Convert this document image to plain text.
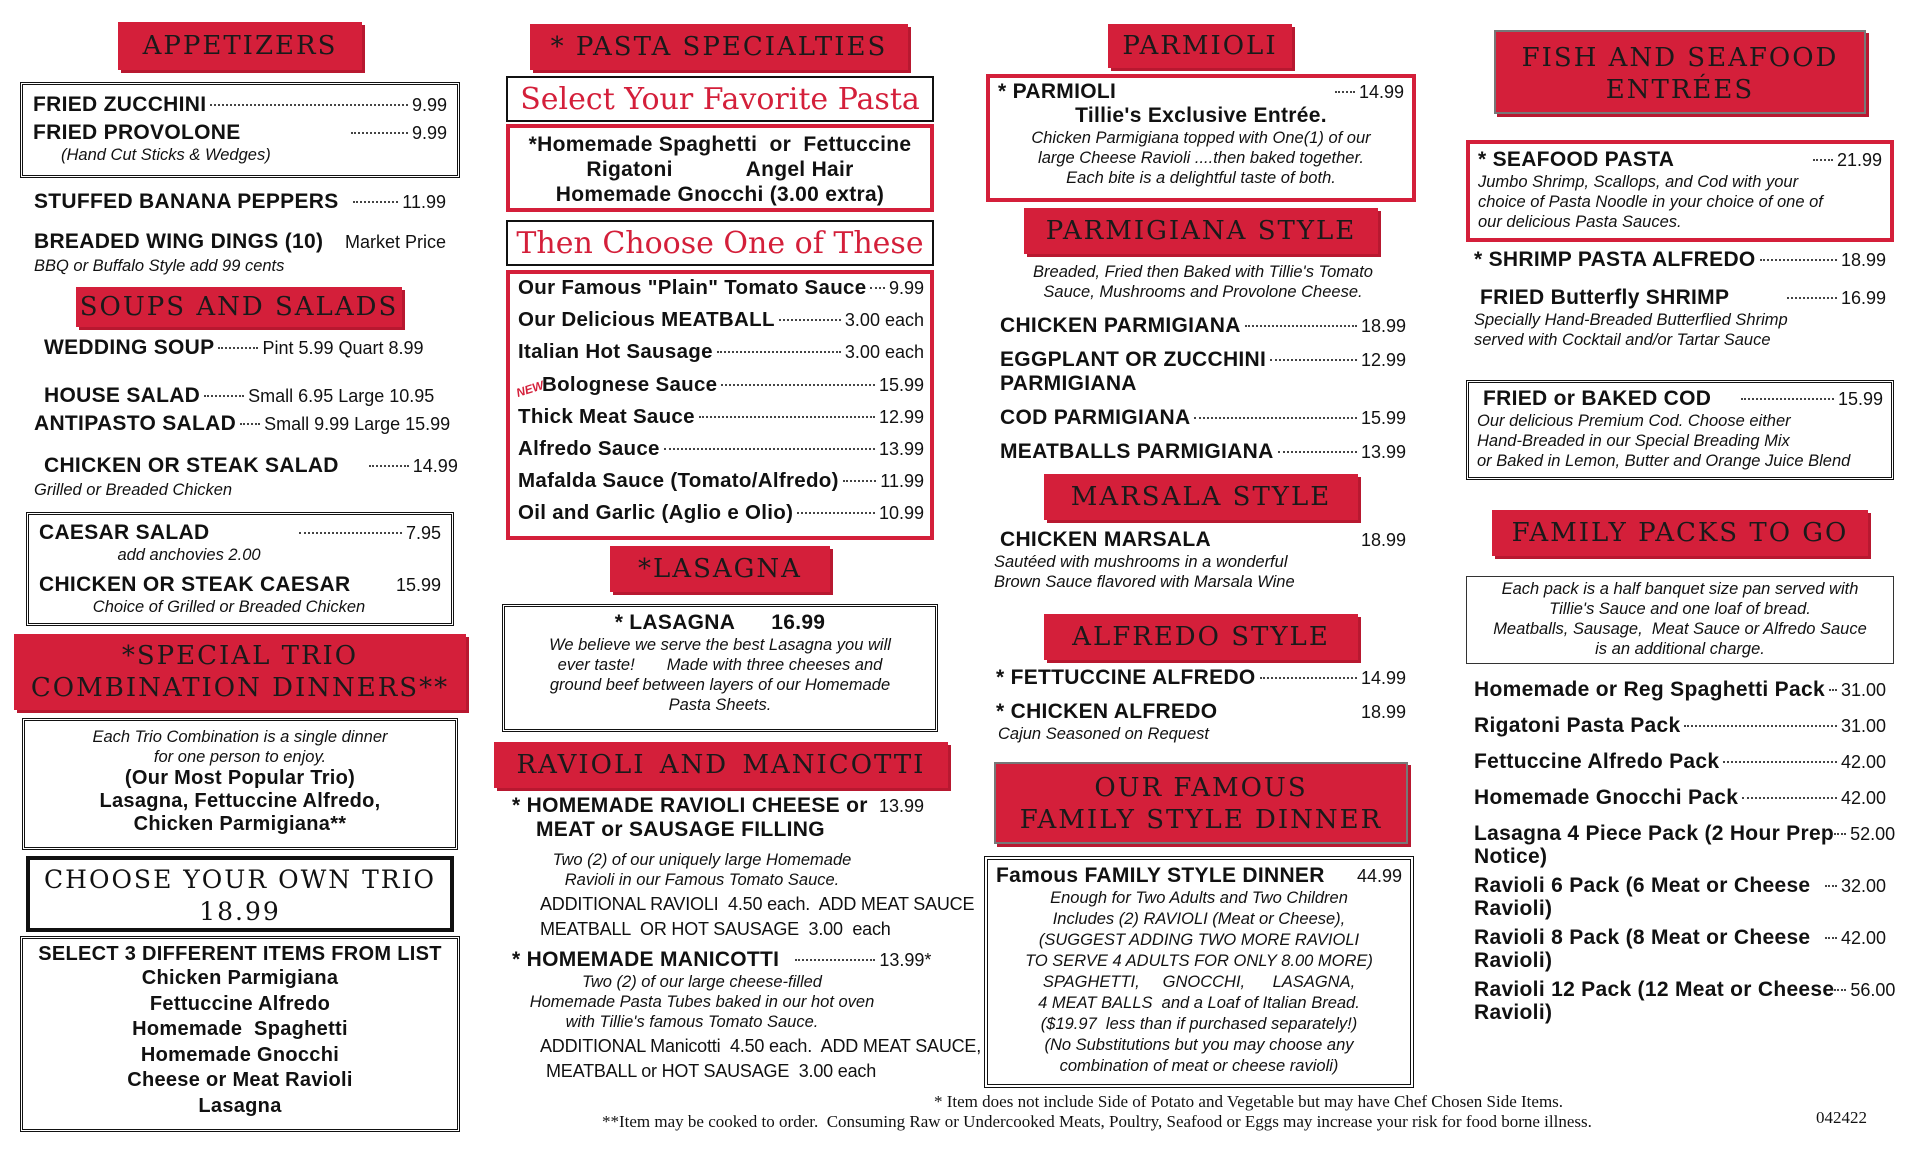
APPETIZERS
FRIED ZUCCHINI	9.99
FRIED PROVOLONE	9.99
(Hand Cut Sticks & Wedges)
STUFFED BANANA PEPPERS	11.99
BREADED WING DINGS (10) Market Price
BBQ or Buffalo Style add 99 cents
SOUPS AND SALADS
WEDDING SOUP	Pint 5.99 Quart 8.99
HOUSE SALAD	Small 6.95 Large 10.95
ANTIPASTO SALAD Small 9.99 Large 15.99
CHICKEN OR STEAK SALAD	14.99
Grilled or Breaded Chicken
CAESAR SALAD	7.95
add anchovies 2.00
CHICKEN OR STEAK CAESAR	15.99
Choice of Grilled or Breaded Chicken
*SPECIAL TRIO
COMBINATION DINNERS**
Each Trio Combination is a single dinner
for one person to enjoy.
(Our Most Popular Trio)
Lasagna, Fettuccine Alfredo,
Chicken Parmigiana**
CHOOSE YOUR OWN TRIO
18.99
SELECT 3 DIFFERENT ITEMS FROM LIST
Chicken Parmigiana
Fettuccine Alfredo
Homemade  Spaghetti
Homemade Gnocchi
Cheese or Meat Ravioli
Lasagna
* PASTA SPECIALTIES
Select Your Favorite Pasta
*Homemade Spaghetti  or  Fettuccine
Rigatoni            Angel Hair
Homemade Gnocchi (3.00 extra)
Then Choose One of These
Our Famous "Plain" Tomato Sauce 9.99
Our Delicious MEATBALL	3.00 each
Italian Hot Sausage	3.00 each
Bolognese Sauce	15.99
Thick Meat Sauce	12.99
Alfredo Sauce	13.99
Mafalda Sauce (Tomato/Alfredo) 11.99
Oil and Garlic (Aglio e Olio)	10.99
NEW
*LASAGNA
* LASAGNA 16.99
We believe we serve the best Lasagna you will
ever taste!       Made with three cheeses and
ground beef between layers of our Homemade
Pasta Sheets.
RAVIOLI AND MANICOTTI
* HOMEMADE RAVIOLI CHEESE or 13.99
MEAT or SAUSAGE FILLING
Two (2) of our uniquely large Homemade
Ravioli in our Famous Tomato Sauce.
ADDITIONAL RAVIOLI  4.50 each.  ADD MEAT SAUCE
MEATBALL  OR HOT SAUSAGE  3.00  each
* HOMEMADE MANICOTTI	13.99*
Two (2) of our large cheese-filled
Homemade Pasta Tubes baked in our hot oven
with Tillie's famous Tomato Sauce.
ADDITIONAL Manicotti  4.50 each.  ADD MEAT SAUCE,
MEATBALL or HOT SAUSAGE  3.00 each
PARMIOLI
* PARMIOLI	14.99
Tillie's Exclusive Entrée.
Chicken Parmigiana topped with One(1) of our
large Cheese Ravioli ....then baked together.
Each bite is a delightful taste of both.
PARMIGIANA STYLE
Breaded, Fried then Baked with Tillie's Tomato
Sauce, Mushrooms and Provolone Cheese.
CHICKEN PARMIGIANA	18.99
EGGPLANT OR ZUCCHINI	12.99
PARMIGIANA
COD PARMIGIANA	15.99
MEATBALLS PARMIGIANA	13.99
MARSALA STYLE
CHICKEN MARSALA	18.99
Sautéed with mushrooms in a wonderful
Brown Sauce flavored with Marsala Wine
ALFREDO STYLE
* FETTUCCINE ALFREDO	14.99
* CHICKEN ALFREDO	18.99
Cajun Seasoned on Request
OUR FAMOUS
FAMILY STYLE DINNER
Famous FAMILY STYLE DINNER 44.99
Enough for Two Adults and Two Children
Includes (2) RAVIOLI (Meat or Cheese),
(SUGGEST ADDING TWO MORE RAVIOLI
TO SERVE 4 ADULTS FOR ONLY 8.00 MORE)
SPAGHETTI,     GNOCCHI,      LASAGNA,
4 MEAT BALLS  and a Loaf of Italian Bread.
($19.97  less than if purchased separately!)
(No Substitutions but you may choose any
combination of meat or cheese ravioli)
FISH AND SEAFOOD
ENTRÉES
* SEAFOOD PASTA	21.99
Jumbo Shrimp, Scallops, and Cod with your
choice of Pasta Noodle in your choice of one of
our delicious Pasta Sauces.
* SHRIMP PASTA ALFREDO	18.99
FRIED Butterfly SHRIMP	16.99
Specially Hand-Breaded Butterflied Shrimp
served with Cocktail and/or Tartar Sauce
FRIED or BAKED COD	15.99
Our delicious Premium Cod. Choose either
Hand-Breaded in our Special Breading Mix
or Baked in Lemon, Butter and Orange Juice Blend
FAMILY PACKS TO GO
Each pack is a half banquet size pan served with
Tillie's Sauce and one loaf of bread.
Meatballs, Sausage,  Meat Sauce or Alfredo Sauce
is an additional charge.
Homemade or Reg Spaghetti Pack 31.00
Rigatoni Pasta Pack	31.00
Fettuccine Alfredo Pack	42.00
Homemade Gnocchi Pack	42.00
Lasagna 4 Piece Pack (2 Hour Prep 52.00
Notice)
Ravioli 6 Pack (6 Meat or Cheese 32.00
Ravioli)
Ravioli 8 Pack (8 Meat or Cheese 42.00
Ravioli)
Ravioli 12 Pack (12 Meat or Cheese 56.00
Ravioli)
* Item does not include Side of Potato and Vegetable but may have Chef Chosen Side Items.
**Item may be cooked to order.  Consuming Raw or Undercooked Meats, Poultry, Seafood or Eggs may increase your risk for food borne illness.	042422
